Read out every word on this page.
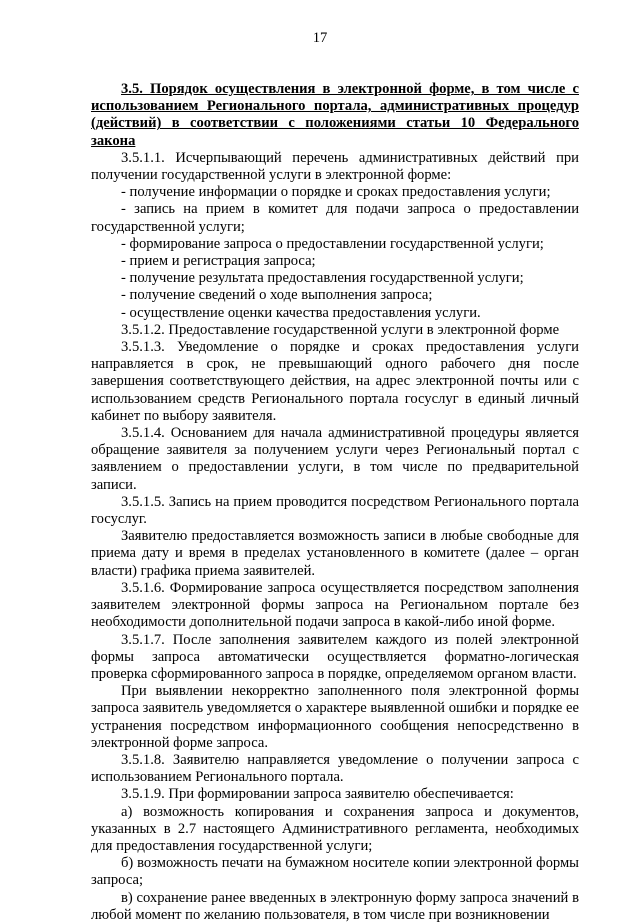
17
3.5. Порядок осуществления в электронной форме, в том числе с использованием Регионального портала, административных процедур (действий) в соответствии с положениями статьи 10 Федерального закона
3.5.1.1. Исчерпывающий перечень административных действий при получении государственной услуги в электронной форме:
- получение информации о порядке и сроках предоставления услуги;
- запись на прием в комитет для подачи запроса о предоставлении государственной услуги;
- формирование запроса о предоставлении государственной услуги;
- прием и регистрация запроса;
- получение результата предоставления государственной услуги;
- получение сведений о ходе выполнения запроса;
- осуществление оценки качества предоставления услуги.
3.5.1.2. Предоставление государственной услуги в электронной форме
3.5.1.3. Уведомление о порядке и сроках предоставления услуги направляется в срок, не превышающий одного рабочего дня после завершения соответствующего действия, на адрес электронной почты или с использованием средств Регионального портала госуслуг в единый личный кабинет по выбору заявителя.
3.5.1.4. Основанием для начала административной процедуры является обращение заявителя за получением услуги через Региональный портал с заявлением о предоставлении услуги, в том числе по предварительной записи.
3.5.1.5. Запись на прием проводится посредством Регионального портала госуслуг.
Заявителю предоставляется возможность записи в любые свободные для приема дату и время в пределах установленного в комитете (далее – орган власти) графика приема заявителей.
3.5.1.6. Формирование запроса осуществляется посредством заполнения заявителем электронной формы запроса на Региональном портале без необходимости дополнительной подачи запроса в какой-либо иной форме.
3.5.1.7. После заполнения заявителем каждого из полей электронной формы запроса автоматически осуществляется форматно-логическая проверка сформированного запроса в порядке, определяемом органом власти.
При выявлении некорректно заполненного поля электронной формы запроса заявитель уведомляется о характере выявленной ошибки и порядке ее устранения посредством информационного сообщения непосредственно в электронной форме запроса.
3.5.1.8. Заявителю направляется уведомление о получении запроса с использованием Регионального портала.
3.5.1.9. При формировании запроса заявителю обеспечивается:
а) возможность копирования и сохранения запроса и документов, указанных в 2.7 настоящего Административного регламента, необходимых для предоставления государственной услуги;
б) возможность печати на бумажном носителе копии электронной формы запроса;
в) сохранение ранее введенных в электронную форму запроса значений в любой момент по желанию пользователя, в том числе при возникновении
